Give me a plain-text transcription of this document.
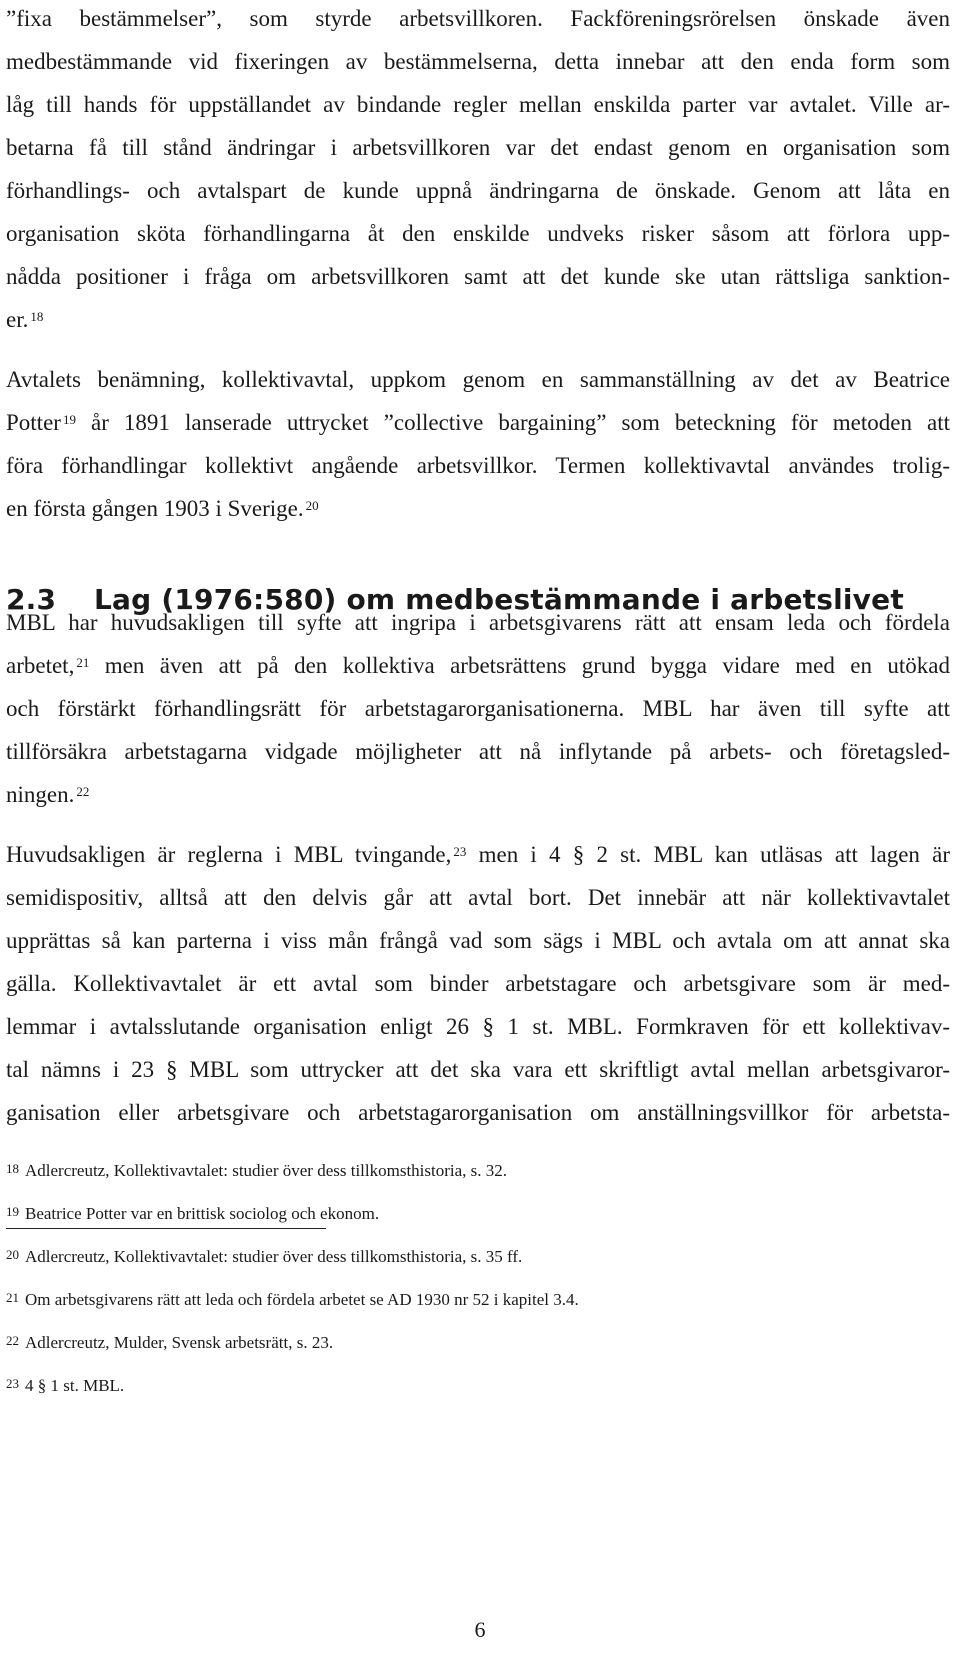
”fixa bestämmelser”, som styrde arbetsvillkoren. Fackföreningsrörelsen önskade även
medbestämmande vid fixeringen av bestämmelserna, detta innebar att den enda form som
låg till hands för uppställandet av bindande regler mellan enskilda parter var avtalet. Ville ar-
betarna få till stånd ändringar i arbetsvillkoren var det endast genom en organisation som
förhandlings- och avtalspart de kunde uppnå ändringarna de önskade. Genom att låta en
organisation sköta förhandlingarna åt den enskilde undveks risker såsom att förlora upp-
nådda positioner i fråga om arbetsvillkoren samt att det kunde ske utan rättsliga sanktion-
er. $^{18}$
Avtalets benämning, kollektivavtal, uppkom genom en sammanställning av det av Beatrice
Potter $^{19}$ år 1891 lanserade uttrycket ”collective bargaining” som beteckning för metoden att
föra förhandlingar kollektivt angående arbetsvillkor. Termen kollektivavtal användes trolig-
en första gången 1903 i Sverige. $^{20}$
2.3 Lag (1976:580) om medbestämmande i arbetslivet
MBL har huvudsakligen till syfte att ingripa i arbetsgivarens rätt att ensam leda och fördela
arbetet, $^{21}$ men även att på den kollektiva arbetsrättens grund bygga vidare med en utökad
och förstärkt förhandlingsrätt för arbetstagarorganisationerna. MBL har även till syfte att
tillförsäkra arbetstagarna vidgade möjligheter att nå inflytande på arbets- och företagsled-
ningen. $^{22}$
Huvudsakligen är reglerna i MBL tvingande, $^{23}$ men i 4 § 2 st. MBL kan utläsas att lagen är
semidispositiv, alltså att den delvis går att avtal bort. Det innebär att när kollektivavtalet
upprättas så kan parterna i viss mån frångå vad som sägs i MBL och avtala om att annat ska
gälla. Kollektivavtalet är ett avtal som binder arbetstagare och arbetsgivare som är med-
lemmar i avtalsslutande organisation enligt 26 § 1 st. MBL. Formkraven för ett kollektivav-
tal nämns i 23 § MBL som uttrycker att det ska vara ett skriftligt avtal mellan arbetsgivaror-
ganisation eller arbetsgivare och arbetstagarorganisation om anställningsvillkor för arbetsta-
18 Adlercreutz, Kollektivavtalet: studier över dess tillkomsthistoria, s. 32.
19 Beatrice Potter var en brittisk sociolog och ekonom.
20 Adlercreutz, Kollektivavtalet: studier över dess tillkomsthistoria, s. 35 ff.
21 Om arbetsgivarens rätt att leda och fördela arbetet se AD 1930 nr 52 i kapitel 3.4.
22 Adlercreutz, Mulder, Svensk arbetsrätt, s. 23.
23 4 § 1 st. MBL.
6
